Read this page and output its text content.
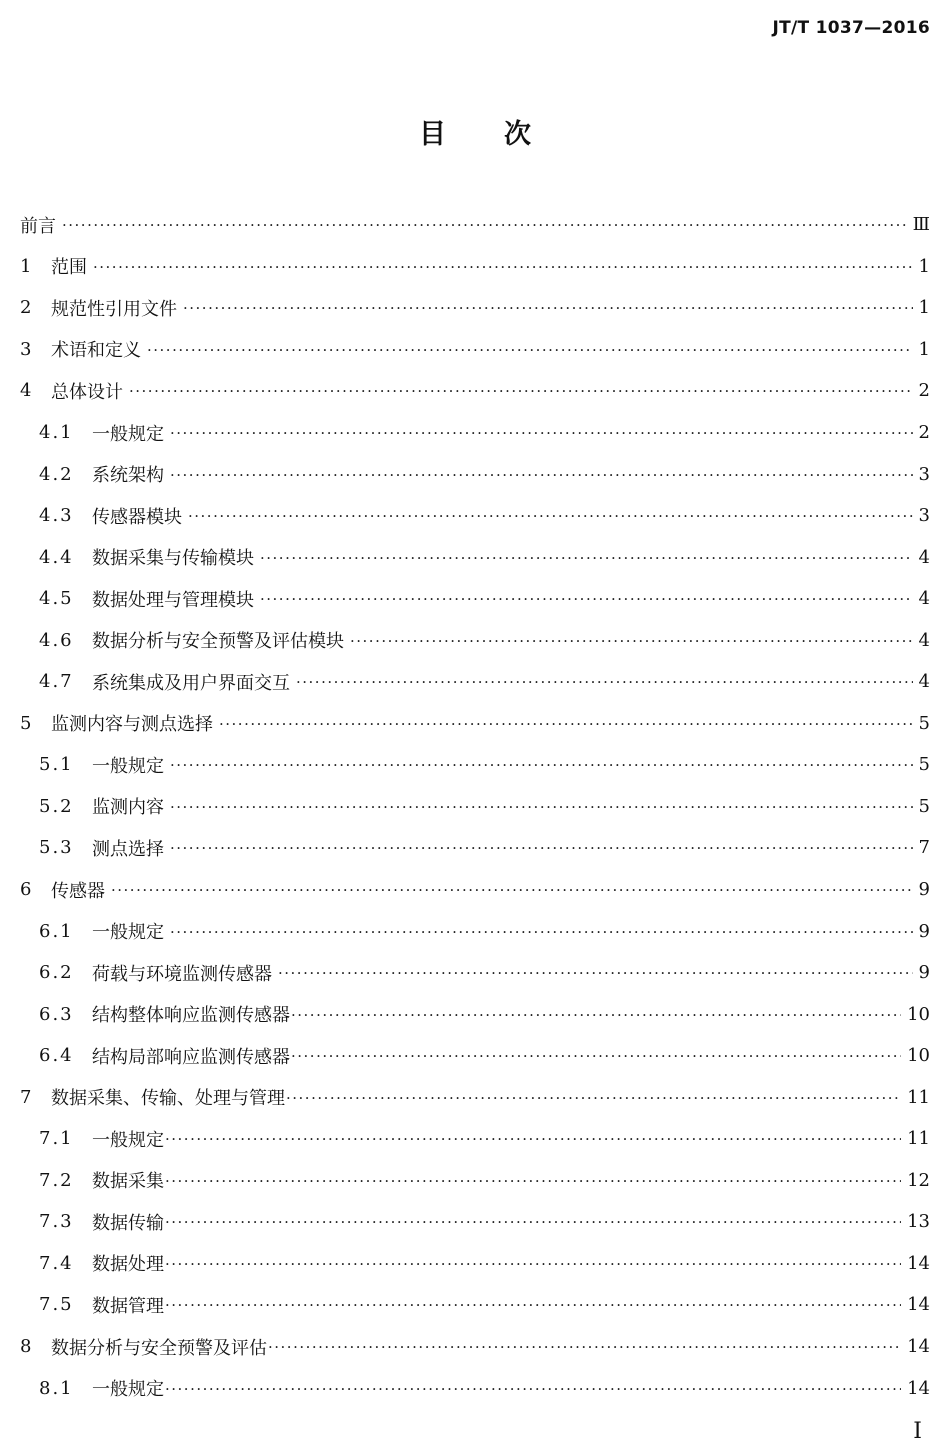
JT/T 1037—2016
目次
前言 ·····	Ⅲ
1	范围 ·····	1
2	规范性引用文件 ·····	1
3	术语和定义 ·····	1
4	总体设计 ·····	2
4.1	一般规定 ·····	2
4.2	系统架构 ·····	3
4.3	传感器模块 ·····	3
4.4	数据采集与传输模块 ·····	4
4.5	数据处理与管理模块 ·····	4
4.6	数据分析与安全预警及评估模块 ·····	4
4.7	系统集成及用户界面交互 ·····	4
5	监测内容与测点选择 ·····	5
5.1	一般规定 ·····	5
5.2	监测内容 ·····	5
5.3	测点选择 ·····	7
6	传感器 ·····	9
6.1	一般规定 ·····	9
6.2	荷载与环境监测传感器 ·····	9
6.3	结构整体响应监测传感器 ·····	10
6.4	结构局部响应监测传感器 ·····	10
7	数据采集、传输、处理与管理 ·····	11
7.1	一般规定 ·····	11
7.2	数据采集 ·····	12
7.3	数据传输 ·····	13
7.4	数据处理 ·····	14
7.5	数据管理 ·····	14
8	数据分析与安全预警及评估 ·····	14
8.1	一般规定 ·····	14
Ⅰ
